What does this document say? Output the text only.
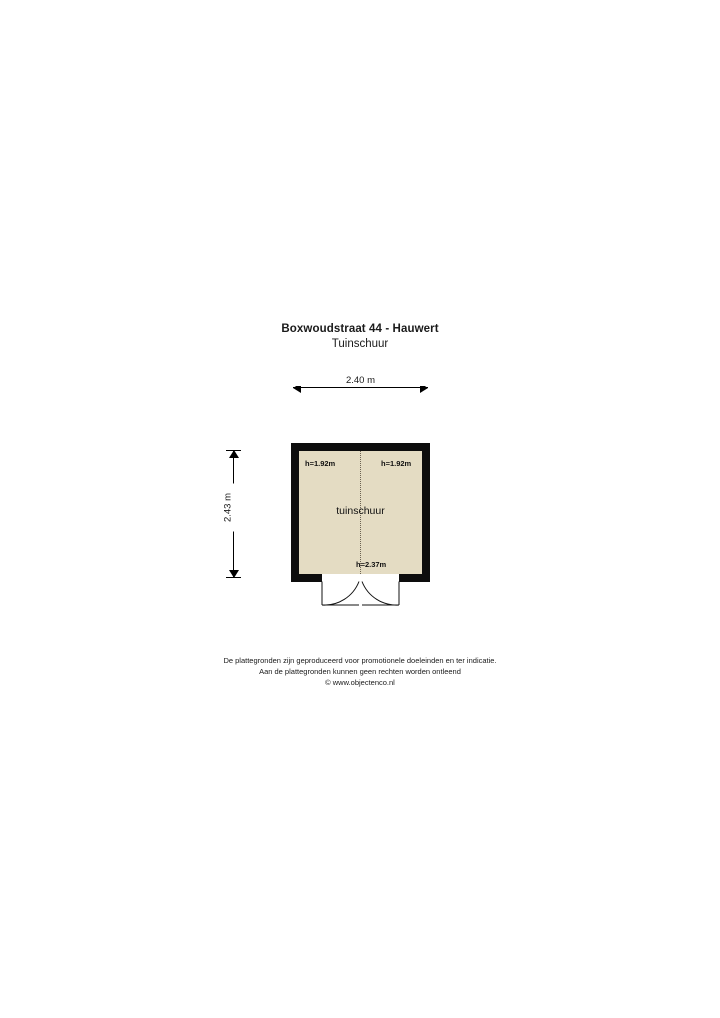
Boxwoudstraat 44 - Hauwert
Tuinschuur
2.40 m
2.43 m	tuinschuur
h=1.92m	h=1.92m
h=2.37m
De plattegronden zijn geproduceerd voor promotionele doeleinden en ter indicatie.
Aan de plattegronden kunnen geen rechten worden ontleend
© www.objectenco.nl
